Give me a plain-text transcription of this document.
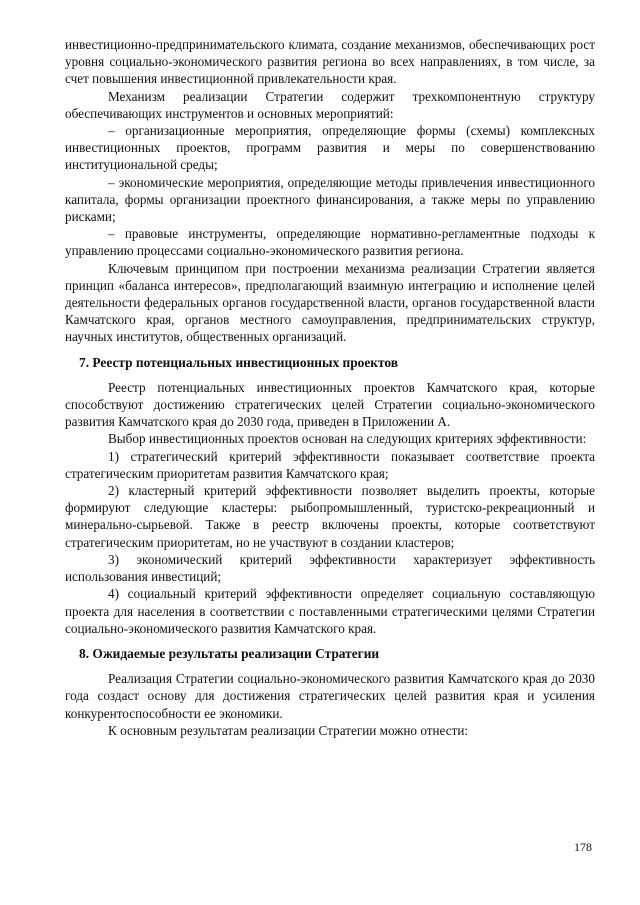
инвестиционно-предпринимательского климата, создание механизмов, обеспечивающих рост уровня социально-экономического развития региона во всех направлениях, в том числе, за счет повышения инвестиционной привлекательности края.

Механизм реализации Стратегии содержит трехкомпонентную структуру обеспечивающих инструментов и основных мероприятий:

– организационные мероприятия, определяющие формы (схемы) комплексных инвестиционных проектов, программ развития и меры по совершенствованию институциональной среды;

– экономические мероприятия, определяющие методы привлечения инвестиционного капитала, формы организации проектного финансирования, а также меры по управлению рисками;

– правовые инструменты, определяющие нормативно-регламентные подходы к управлению процессами социально-экономического развития региона.

Ключевым принципом при построении механизма реализации Стратегии является принцип «баланса интересов», предполагающий взаимную интеграцию и исполнение целей деятельности федеральных органов государственной власти, органов государственной власти Камчатского края, органов местного самоуправления, предпринимательских структур, научных институтов, общественных организаций.

7. Реестр потенциальных инвестиционных проектов

Реестр потенциальных инвестиционных проектов Камчатского края, которые способствуют достижению стратегических целей Стратегии социально-экономического развития Камчатского края до 2030 года, приведен в Приложении А.

Выбор инвестиционных проектов основан на следующих критериях эффективности:

1) стратегический критерий эффективности показывает соответствие проекта стратегическим приоритетам развития Камчатского края;

2) кластерный критерий эффективности позволяет выделить проекты, которые формируют следующие кластеры: рыбопромышленный, туристско-рекреационный и минерально-сырьевой. Также в реестр включены проекты, которые соответствуют стратегическим приоритетам, но не участвуют в создании кластеров;

3) экономический критерий эффективности характеризует эффективность использования инвестиций;

4) социальный критерий эффективности определяет социальную составляющую проекта для населения в соответствии с поставленными стратегическими целями Стратегии социально-экономического развития Камчатского края.

8. Ожидаемые результаты реализации Стратегии

Реализация Стратегии социально-экономического развития Камчатского края до 2030 года создаст основу для достижения стратегических целей развития края и усиления конкурентоспособности ее экономики.

К основным результатам реализации Стратегии можно отнести:

178
